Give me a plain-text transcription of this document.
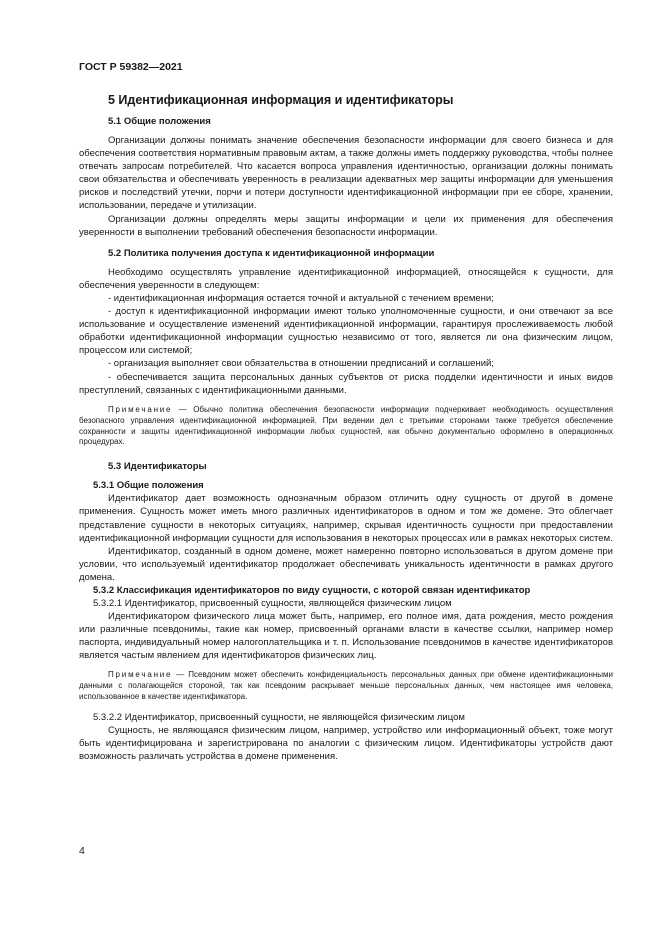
ГОСТ Р 59382—2021
5 Идентификационная информация и идентификаторы
5.1 Общие положения

Организации должны понимать значение обеспечения безопасности информации для своего бизнеса и для обеспечения соответствия нормативным правовым актам, а также должны иметь поддержку руководства, чтобы полнее отвечать запросам потребителей. Что касается вопроса управления идентичностью, организации должны понимать свои обязательства и обеспечивать уверенность в реализации адекватных мер защиты информации для уменьшения рисков и последствий утечки, порчи и потери доступности идентификационной информации при ее сборе, хранении, использовании, передаче и утилизации.

Организации должны определять меры защиты информации и цели их применения для обеспечения уверенности в выполнении требований обеспечения безопасности информации.

5.2 Политика получения доступа к идентификационной информации

Необходимо осуществлять управление идентификационной информацией, относящейся к сущности, для обеспечения уверенности в следующем:

- идентификационная информация остается точной и актуальной с течением времени;

- доступ к идентификационной информации имеют только уполномоченные сущности, и они отвечают за все использование и осуществление изменений идентификационной информации, гарантируя прослеживаемость любой обработки идентификационной информации сущностью независимо от того, является ли она физическим лицом, процессом или системой;

- организация выполняет свои обязательства в отношении предписаний и соглашений;

- обеспечивается защита персональных данных субъектов от риска подделки идентичности и иных видов преступлений, связанных с идентификационными данными.

Примечание — Обычно политика обеспечения безопасности информации подчеркивает необходимость осуществления безопасного управления идентификационной информацией. При ведении дел с третьими сторонами также требуется обеспечение сохранности и защиты идентификационной информации любых сущностей, как обычно документально оформлено в операционных процедурах.
5.3 Идентификаторы
5.3.1 Общие положения

Идентификатор дает возможность однозначным образом отличить одну сущность от другой в домене применения. Сущность может иметь много различных идентификаторов в одном и том же домене. Это облегчает представление сущности в некоторых ситуациях, например, скрывая идентичность сущности при предоставлении идентификационной информации сущности для использования в некоторых процессах или в рамках некоторых систем.

Идентификатор, созданный в одном домене, может намеренно повторно использоваться в другом домене при условии, что используемый идентификатор продолжает обеспечивать уникальность идентичности в рамках другого домена.

5.3.2 Классификация идентификаторов по виду сущности, с которой связан идентификатор

5.3.2.1 Идентификатор, присвоенный сущности, являющейся физическим лицом

Идентификатором физического лица может быть, например, его полное имя, дата рождения, место рождения или различные псевдонимы, такие как номер, присвоенный органами власти в качестве ссылки, например номер паспорта, индивидуальный номер налогоплательщика и т. п. Использование псевдонимов в качестве идентификаторов является частым явлением для идентификаторов физических лиц.

Примечание — Псевдоним может обеспечить конфиденциальность персональных данных при обмене идентификационными данными с полагающейся стороной, так как псевдоним раскрывает меньше персональных данных, чем настоящее имя человека, использованное в качестве идентификатора.

5.3.2.2 Идентификатор, присвоенный сущности, не являющейся физическим лицом

Сущность, не являющаяся физическим лицом, например, устройство или информационный объект, тоже могут быть идентифицирована и зарегистрирована по аналогии с физическим лицом. Идентификаторы устройств дают возможность различать устройства в домене применения.

4
